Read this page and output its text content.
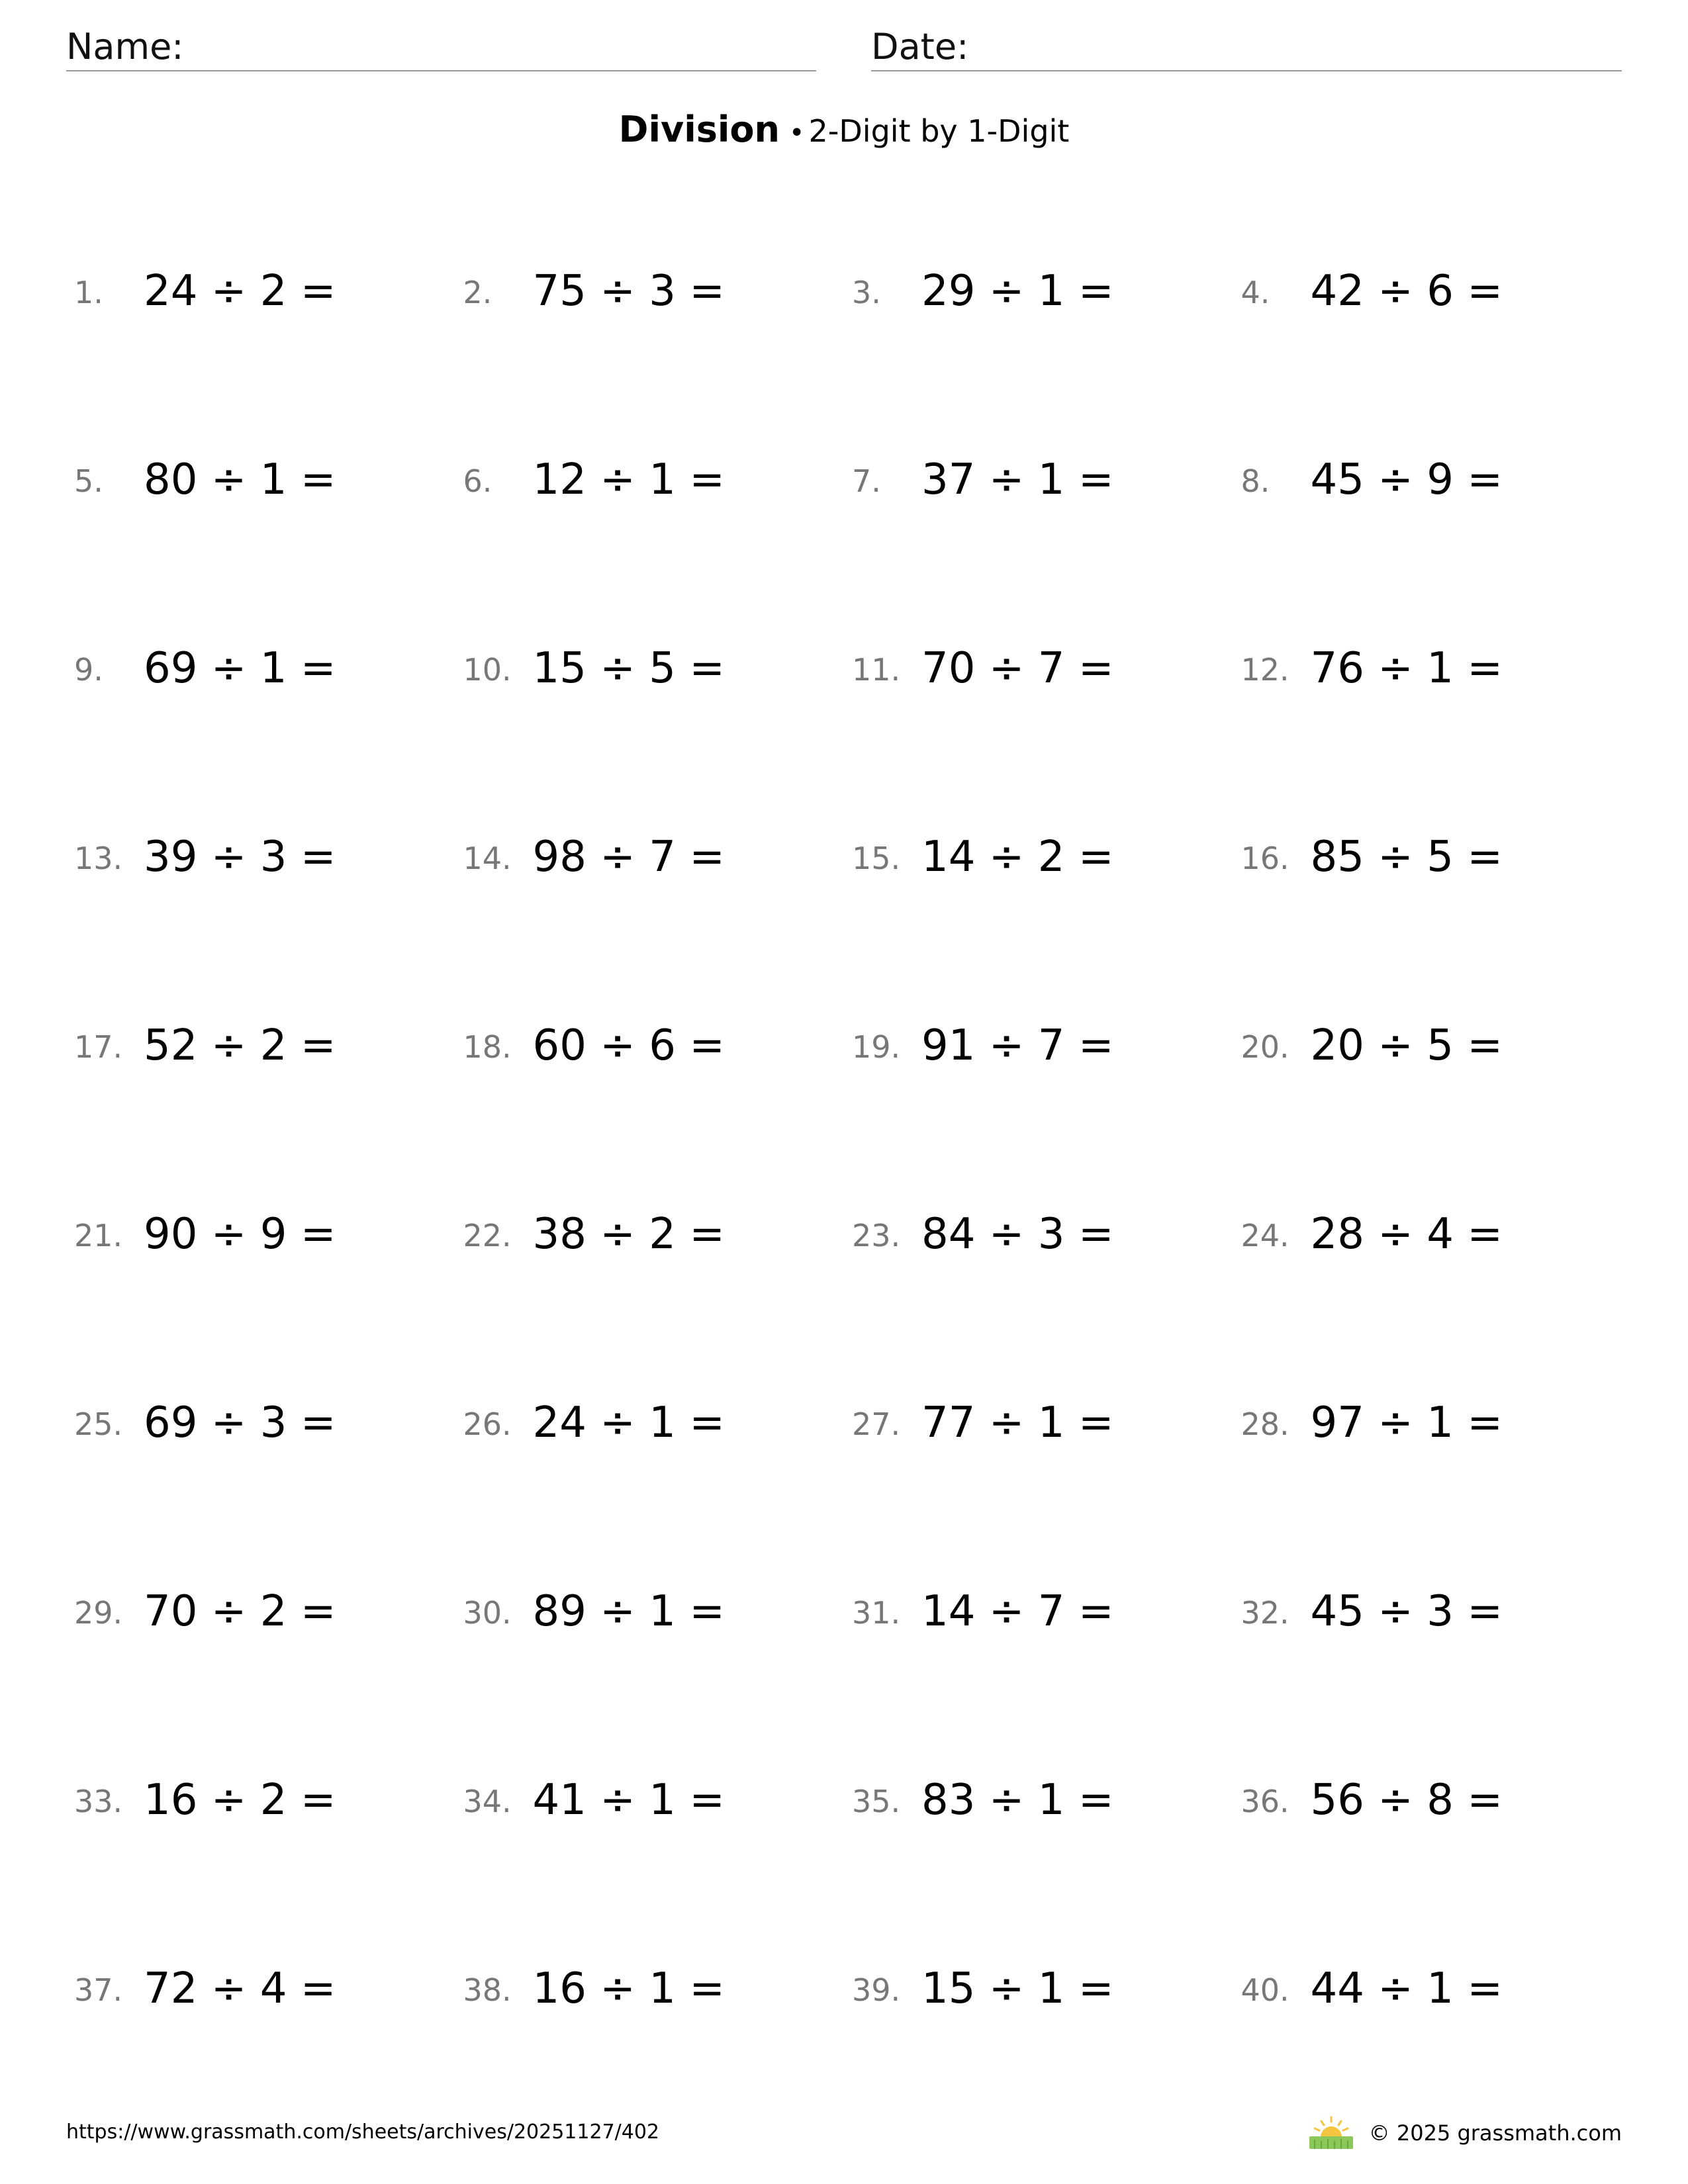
Name:	Date:
Division • 2-Digit by 1-Digit
1. 24 ÷ 2 =	2. 75 ÷ 3 =	3. 29 ÷ 1 =	4. 42 ÷ 6 =
5. 80 ÷ 1 =	6. 12 ÷ 1 =	7. 37 ÷ 1 =	8. 45 ÷ 9 =
9. 69 ÷ 1 =	10. 15 ÷ 5 =	11. 70 ÷ 7 =	12. 76 ÷ 1 =
13. 39 ÷ 3 =	14. 98 ÷ 7 =	15. 14 ÷ 2 =	16. 85 ÷ 5 =
17. 52 ÷ 2 =	18. 60 ÷ 6 =	19. 91 ÷ 7 =	20. 20 ÷ 5 =
21. 90 ÷ 9 =	22. 38 ÷ 2 =	23. 84 ÷ 3 =	24. 28 ÷ 4 =
25. 69 ÷ 3 =	26. 24 ÷ 1 =	27. 77 ÷ 1 =	28. 97 ÷ 1 =
29. 70 ÷ 2 =	30. 89 ÷ 1 =	31. 14 ÷ 7 =	32. 45 ÷ 3 =
33. 16 ÷ 2 =	34. 41 ÷ 1 =	35. 83 ÷ 1 =	36. 56 ÷ 8 =
37. 72 ÷ 4 =	38. 16 ÷ 1 =	39. 15 ÷ 1 =	40. 44 ÷ 1 =
https://www.grassmath.com/sheets/archives/20251127/402	© 2025 grassmath.com
